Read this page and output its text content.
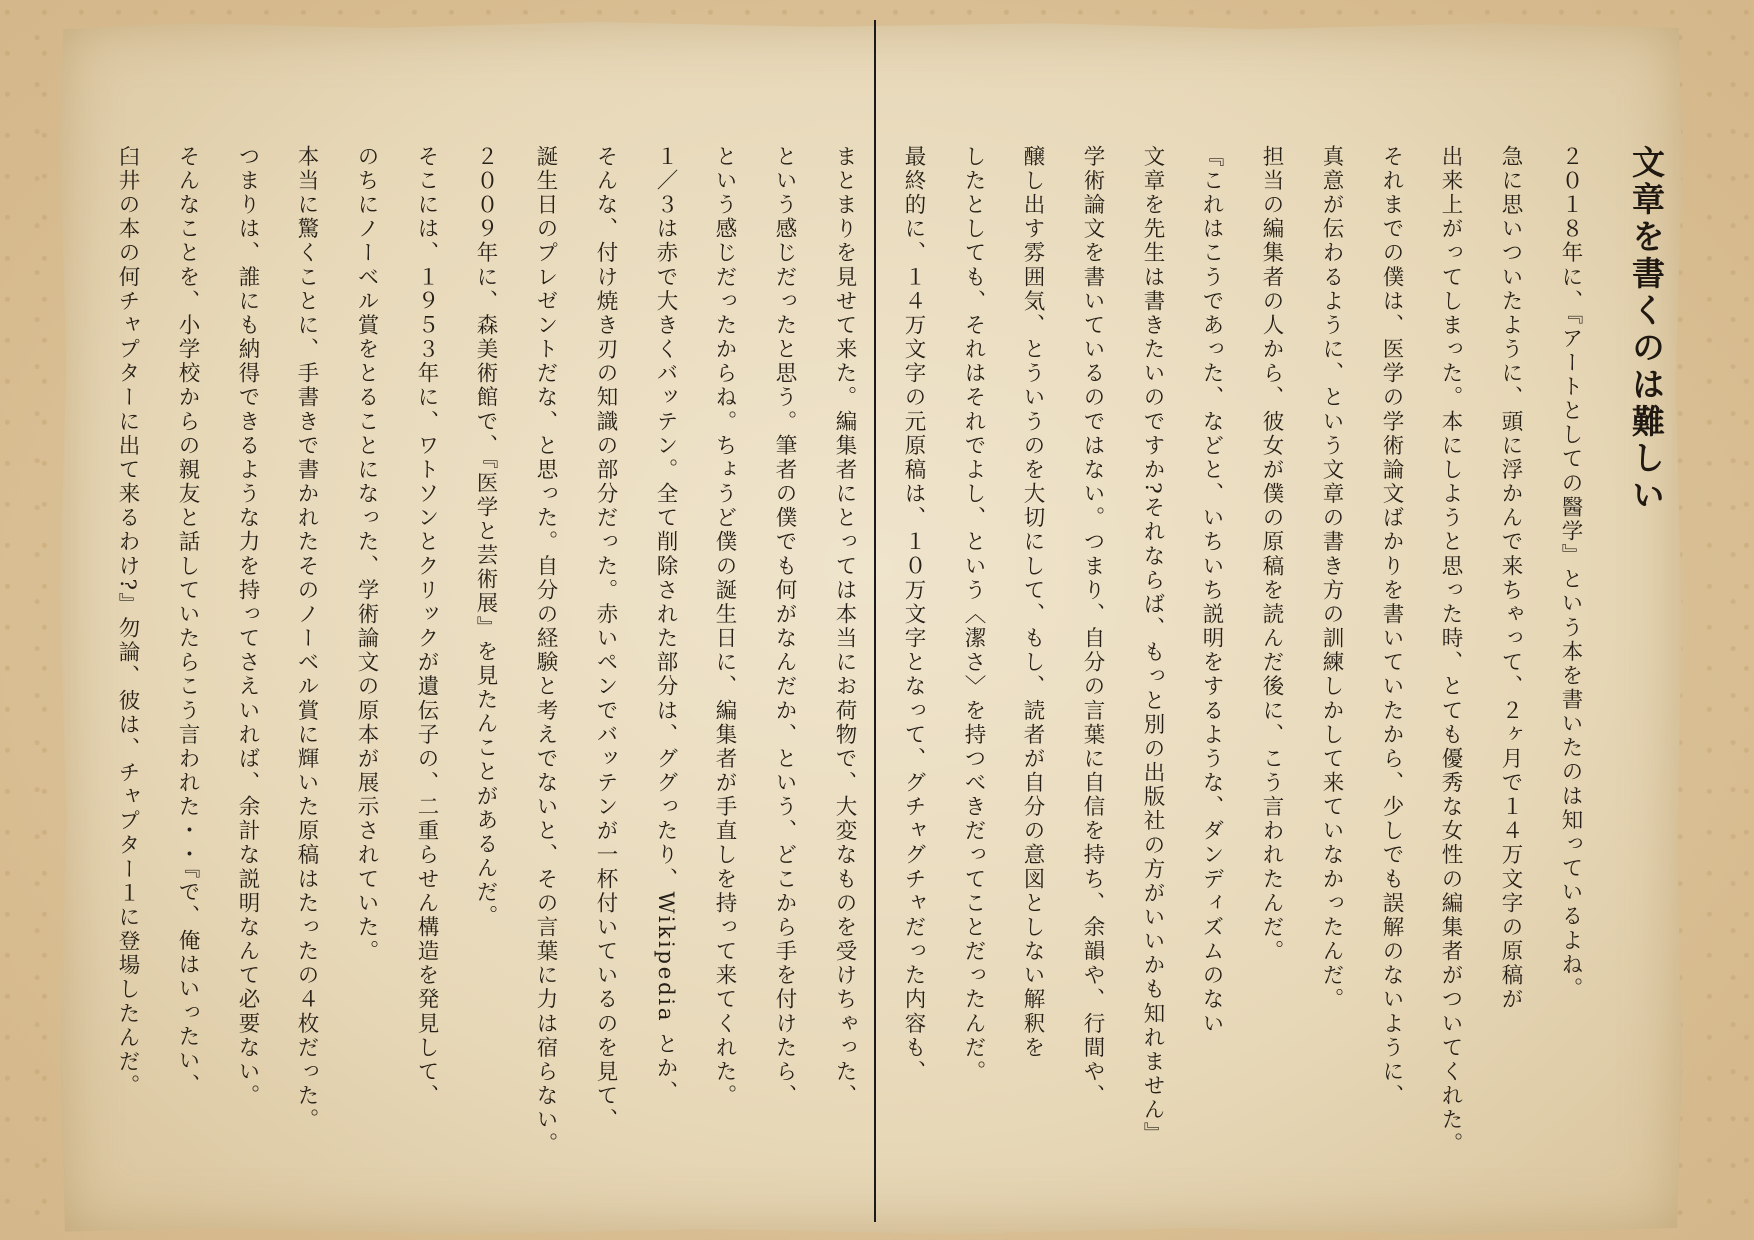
文章を書くのは難しい
２０１８年に、『アートとしての醫学』という本を書いたのは知っているよね。
急に思いついたように、頭に浮かんで来ちゃって、２ヶ月で１４万文字の原稿が
出来上がってしまった。本にしようと思った時、とても優秀な女性の編集者がついてくれた。
それまでの僕は、医学の学術論文ばかりを書いていたから、少しでも誤解のないように、
真意が伝わるように、という文章の書き方の訓練しかして来ていなかったんだ。
担当の編集者の人から、彼女が僕の原稿を読んだ後に、こう言われたんだ。
『これはこうであった、などと、いちいち説明をするような、ダンディズムのない
文章を先生は書きたいのですか?それならば、もっと別の出版社の方がいいかも知れません』
学術論文を書いているのではない。つまり、自分の言葉に自信を持ち、余韻や、行間や、
醸し出す雰囲気、とういうのを大切にして、もし、読者が自分の意図としない解釈を
したとしても、それはそれでよし、という〈潔さ〉を持つべきだってことだったんだ。
最終的に、１４万文字の元原稿は、１０万文字となって、グチャグチャだった内容も、
まとまりを見せて来た。編集者にとっては本当にお荷物で、大変なものを受けちゃった、
という感じだったと思う。筆者の僕でも何がなんだか、という、どこから手を付けたら、
という感じだったからね。ちょうど僕の誕生日に、編集者が手直しを持って来てくれた。
１／３は赤で大きくバッテン。全て削除された部分は、ググったり、Wikipedia とか、
そんな、付け焼き刃の知識の部分だった。赤いペンでバッテンが一杯付いているのを見て、
誕生日のプレゼントだな、と思った。自分の経験と考えでないと、その言葉に力は宿らない。
２００９年に、森美術館で、『医学と芸術展』を見たんことがあるんだ。
そこには、１９５３年に、ワトソンとクリックが遺伝子の、二重らせん構造を発見して、
のちにノーベル賞をとることになった、学術論文の原本が展示されていた。
本当に驚くことに、手書きで書かれたそのノーベル賞に輝いた原稿はたったの４枚だった。
つまりは、誰にも納得できるような力を持ってさえいれば、余計な説明なんて必要ない。
そんなことを、小学校からの親友と話していたらこう言われた・・『で、俺はいったい、
臼井の本の何チャプターに出て来るわけ?』勿論、彼は、チャプター１に登場したんだ。
